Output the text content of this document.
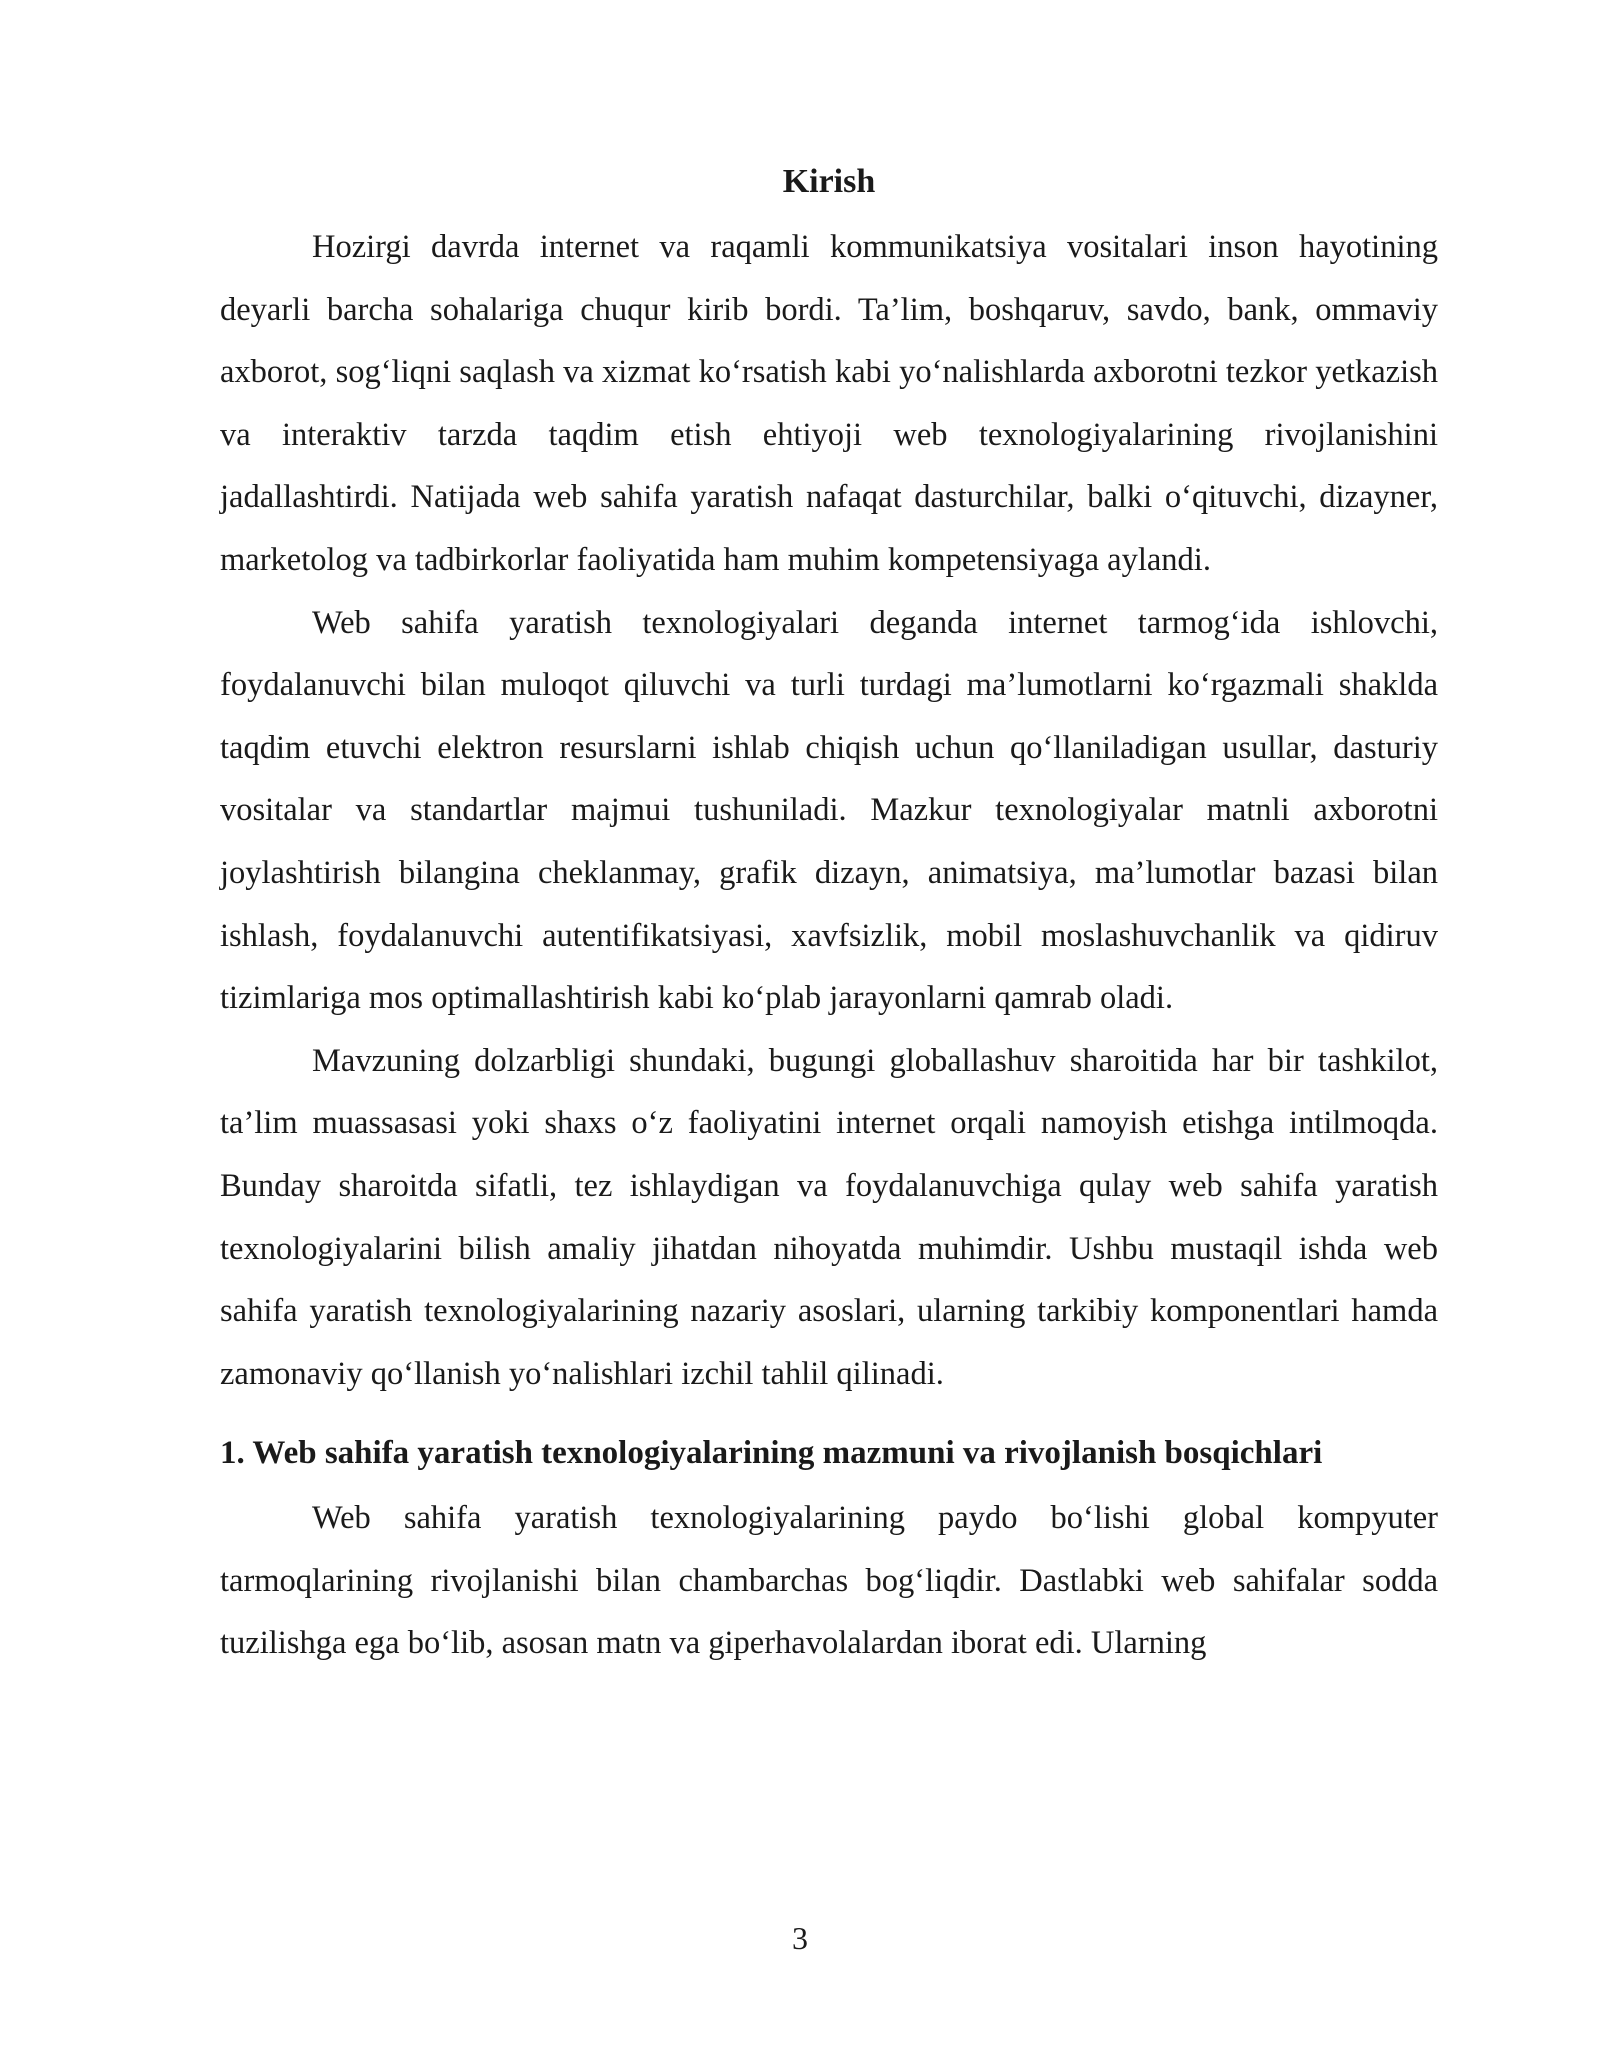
Kirish

Hozirgi davrda internet va raqamli kommunikatsiya vositalari inson hayotining deyarli barcha sohalariga chuqur kirib bordi. Ta’lim, boshqaruv, savdo, bank, ommaviy axborot, sog‘liqni saqlash va xizmat ko‘rsatish kabi yo‘nalishlarda axborotni tezkor yetkazish va interaktiv tarzda taqdim etish ehtiyoji web texnologiyalarining rivojlanishini jadallashtirdi. Natijada web sahifa yaratish nafaqat dasturchilar, balki o‘qituvchi, dizayner, marketolog va tadbirkorlar faoliyatida ham muhim kompetensiyaga aylandi.

Web sahifa yaratish texnologiyalari deganda internet tarmog‘ida ishlovchi, foydalanuvchi bilan muloqot qiluvchi va turli turdagi ma’lumotlarni ko‘rgazmali shaklda taqdim etuvchi elektron resurslarni ishlab chiqish uchun qo‘llaniladigan usullar, dasturiy vositalar va standartlar majmui tushuniladi. Mazkur texnologiyalar matnli axborotni joylashtirish bilangina cheklanmay, grafik dizayn, animatsiya, ma’lumotlar bazasi bilan ishlash, foydalanuvchi autentifikatsiyasi, xavfsizlik, mobil moslashuvchanlik va qidiruv tizimlariga mos optimallashtirish kabi ko‘plab jarayonlarni qamrab oladi.

Mavzuning dolzarbligi shundaki, bugungi globallashuv sharoitida har bir tashkilot, ta’lim muassasasi yoki shaxs o‘z faoliyatini internet orqali namoyish etishga intilmoqda. Bunday sharoitda sifatli, tez ishlaydigan va foydalanuvchiga qulay web sahifa yaratish texnologiyalarini bilish amaliy jihatdan nihoyatda muhimdir. Ushbu mustaqil ishda web sahifa yaratish texnologiyalarining nazariy asoslari, ularning tarkibiy komponentlari hamda zamonaviy qo‘llanish yo‘nalishlari izchil tahlil qilinadi.

1. Web sahifa yaratish texnologiyalarining mazmuni va rivojlanish bosqichlari

Web sahifa yaratish texnologiyalarining paydo bo‘lishi global kompyuter tarmoqlarining rivojlanishi bilan chambarchas bog‘liqdir. Dastlabki web sahifalar sodda tuzilishga ega bo‘lib, asosan matn va giperhavolalardan iborat edi. Ularning

3
